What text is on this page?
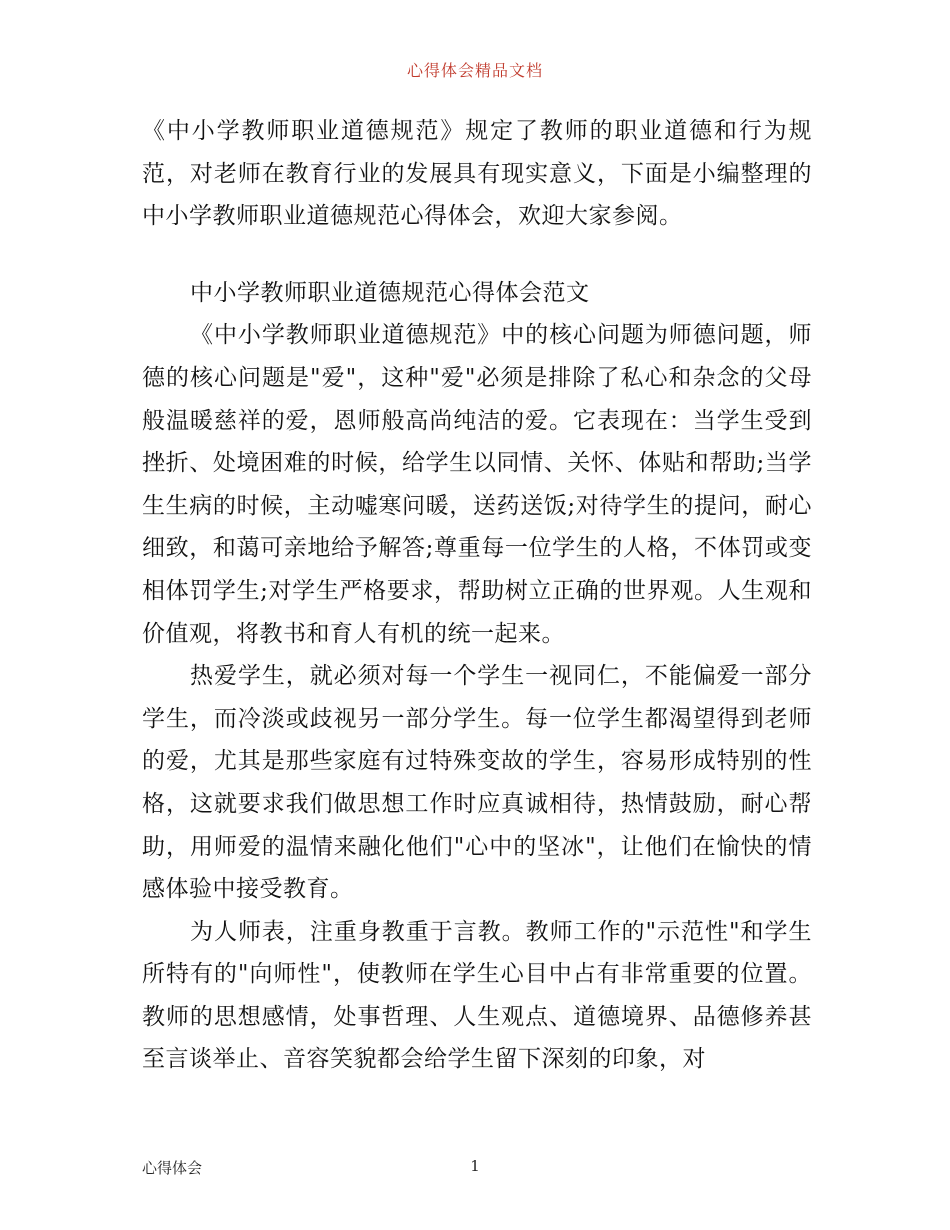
心得体会精品文档

《中小学教师职业道德规范》规定了教师的职业道德和行为规范，对老师在教育行业的发展具有现实意义，下面是小编整理的中小学教师职业道德规范心得体会，欢迎大家参阅。

中小学教师职业道德规范心得体会范文

《中小学教师职业道德规范》中的核心问题为师德问题，师德的核心问题是"爱"，这种"爱"必须是排除了私心和杂念的父母般温暖慈祥的爱，恩师般高尚纯洁的爱。它表现在：当学生受到挫折、处境困难的时候，给学生以同情、关怀、体贴和帮助;当学生生病的时候，主动嘘寒问暖，送药送饭;对待学生的提问，耐心细致，和蔼可亲地给予解答;尊重每一位学生的人格，不体罚或变相体罚学生;对学生严格要求，帮助树立正确的世界观。人生观和价值观，将教书和育人有机的统一起来。

热爱学生，就必须对每一个学生一视同仁，不能偏爱一部分学生，而冷淡或歧视另一部分学生。每一位学生都渴望得到老师的爱，尤其是那些家庭有过特殊变故的学生，容易形成特别的性格，这就要求我们做思想工作时应真诚相待，热情鼓励，耐心帮助，用师爱的温情来融化他们"心中的坚冰"，让他们在愉快的情感体验中接受教育。

为人师表，注重身教重于言教。教师工作的"示范性"和学生所特有的"向师性"，使教师在学生心目中占有非常重要的位置。教师的思想感情，处事哲理、人生观点、道德境界、品德修养甚至言谈举止、音容笑貌都会给学生留下深刻的印象，对

心得体会	1
